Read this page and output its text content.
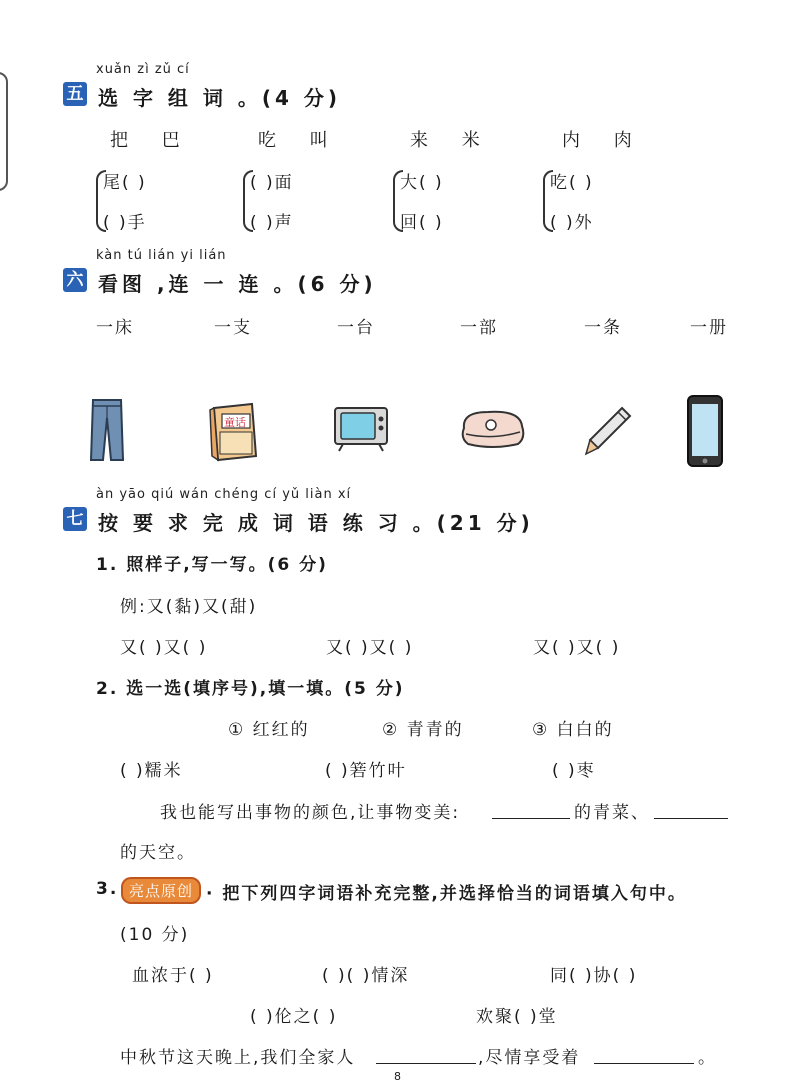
xuǎn zì zǔ cí
五 选 字 组 词 。(4 分)
把 巴	吃 叫	来 米	内 肉
尾( )
( )手
( )面
( )声
大( )
回( )
吃( )
( )外
kàn tú lián yi lián
六 看图 ,连 一 连 。(6 分)
一床	一支	一台	一部	一条	一册
童话
àn yāo qiú wán chéng cí yǔ liàn xí
七 按 要 求 完 成 词 语 练 习 。(21 分)
1. 照样子,写一写。(6 分)
例:又(黏)又(甜)
又( )又( )	又( )又( )	又( )又( )
2. 选一选(填序号),填一填。(5 分)
① 红红的	② 青青的	③ 白白的
( )糯米	( )箬竹叶	( )枣
我也能写出事物的颜色,让事物变美:	的青菜、
的天空。
3. 亮点原创 · 把下列四字词语补充完整,并选择恰当的词语填入句中。
(10 分)
血浓于( )	( )( )情深	同( )协( )
( )伦之( )	欢聚( )堂
中秋节这天晚上,我们全家人	,尽情享受着	。
8
